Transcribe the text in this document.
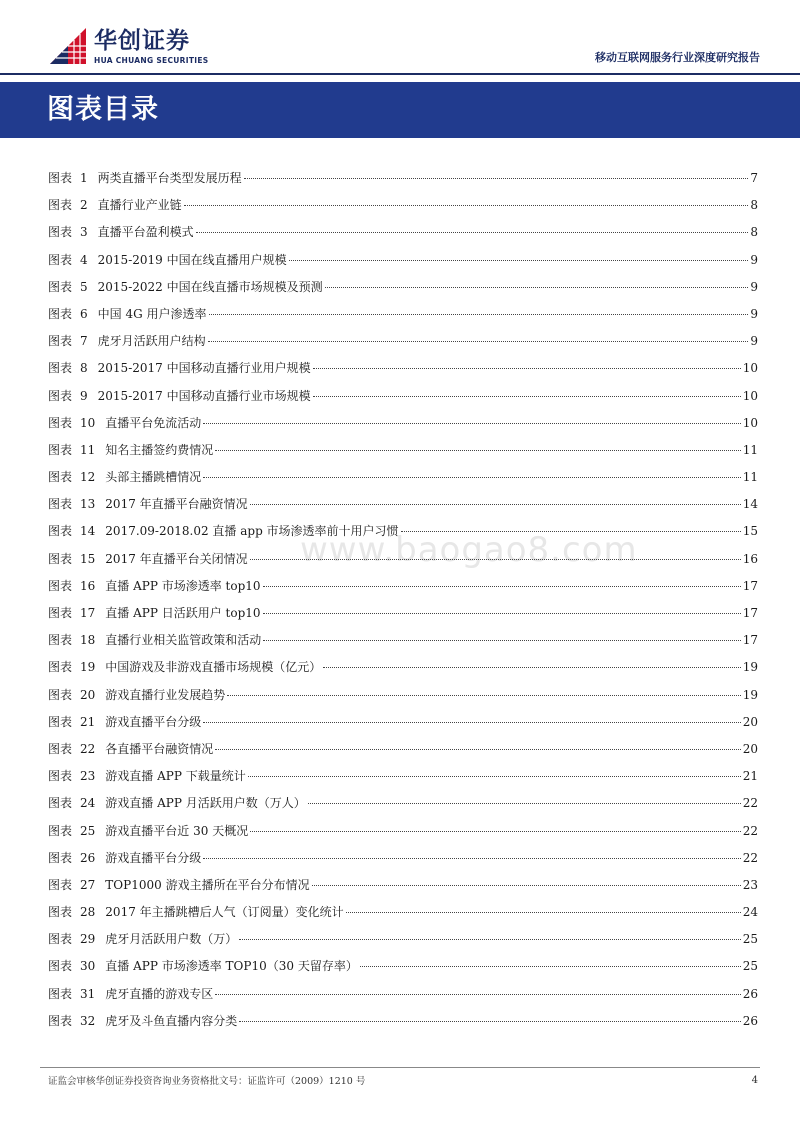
华创证券
HUA CHUANG SECURITIES	移动互联网服务行业深度研究报告
图表目录
www.baogao8.com
图表 1 两类直播平台类型发展历程	7
图表 2 直播行业产业链	8
图表 3 直播平台盈利模式	8
图表 4 2015-2019 中国在线直播用户规模	9
图表 5 2015-2022 中国在线直播市场规模及预测	9
图表 6 中国 4G 用户渗透率	9
图表 7 虎牙月活跃用户结构	9
图表 8 2015-2017 中国移动直播行业用户规模	10
图表 9 2015-2017 中国移动直播行业市场规模	10
图表 10 直播平台免流活动	10
图表 11 知名主播签约费情况	11
图表 12 头部主播跳槽情况	11
图表 13 2017 年直播平台融资情况	14
图表 14 2017.09-2018.02 直播 app 市场渗透率前十用户习惯	15
图表 15 2017 年直播平台关闭情况	16
图表 16 直播 APP 市场渗透率 top10	17
图表 17 直播 APP 日活跃用户 top10	17
图表 18 直播行业相关监管政策和活动	17
图表 19 中国游戏及非游戏直播市场规模（亿元）	19
图表 20 游戏直播行业发展趋势	19
图表 21 游戏直播平台分级	20
图表 22 各直播平台融资情况	20
图表 23 游戏直播 APP 下载量统计	21
图表 24 游戏直播 APP 月活跃用户数（万人）	22
图表 25 游戏直播平台近 30 天概况	22
图表 26 游戏直播平台分级	22
图表 27 TOP1000 游戏主播所在平台分布情况	23
图表 28 2017 年主播跳槽后人气（订阅量）变化统计	24
图表 29 虎牙月活跃用户数（万）	25
图表 30 直播 APP 市场渗透率 TOP10（30 天留存率）	25
图表 31 虎牙直播的游戏专区	26
图表 32 虎牙及斗鱼直播内容分类	26
证监会审核华创证券投资咨询业务资格批文号：证监许可（2009）1210 号	4
